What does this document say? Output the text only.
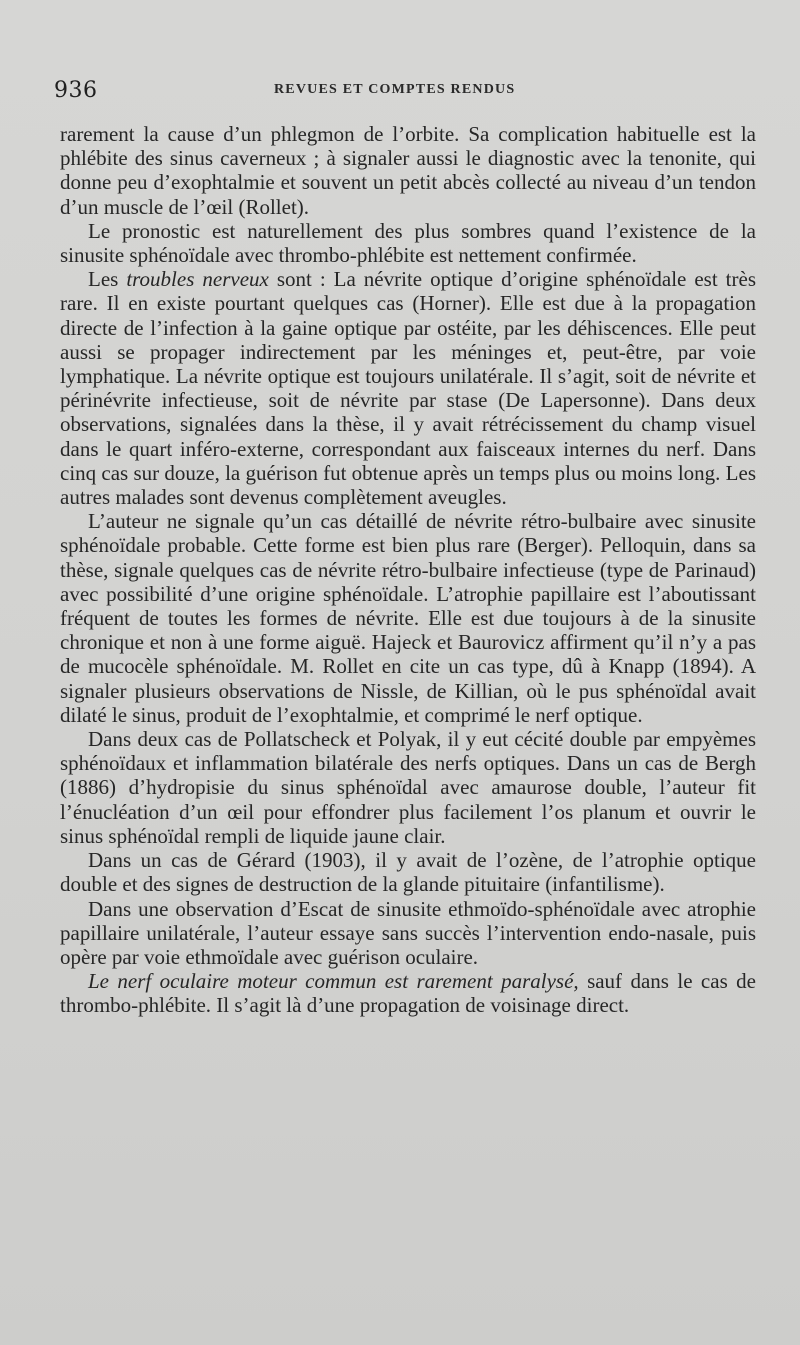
936	REVUES ET COMPTES RENDUS

rarement la cause d’un phlegmon de l’orbite. Sa complication habituelle est la phlébite des sinus caverneux ; à signaler aussi le diagnostic avec la tenonite, qui donne peu d’exophtalmie et souvent un petit abcès collecté au niveau d’un tendon d’un muscle de l’œil (Rollet).

Le pronostic est naturellement des plus sombres quand l’existence de la sinusite sphénoïdale avec thrombo-phlébite est nettement confirmée.

Les troubles nerveux sont : La névrite optique d’origine sphénoïdale est très rare. Il en existe pourtant quelques cas (Horner). Elle est due à la propagation directe de l’infection à la gaine optique par ostéite, par les déhiscences. Elle peut aussi se propager indirectement par les méninges et, peut-être, par voie lymphatique. La névrite optique est toujours unilatérale. Il s’agit, soit de névrite et périnévrite infectieuse, soit de névrite par stase (De Lapersonne). Dans deux observations, signalées dans la thèse, il y avait rétrécissement du champ visuel dans le quart inféro-externe, correspondant aux faisceaux internes du nerf. Dans cinq cas sur douze, la guérison fut obtenue après un temps plus ou moins long. Les autres malades sont devenus complètement aveugles.

L’auteur ne signale qu’un cas détaillé de névrite rétro-bulbaire avec sinusite sphénoïdale probable. Cette forme est bien plus rare (Berger). Pelloquin, dans sa thèse, signale quelques cas de névrite rétro-bulbaire infectieuse (type de Parinaud) avec possibilité d’une origine sphénoïdale. L’atrophie papillaire est l’aboutissant fréquent de toutes les formes de névrite. Elle est due toujours à de la sinusite chronique et non à une forme aiguë. Hajeck et Baurovicz affirment qu’il n’y a pas de mucocèle sphénoïdale. M. Rollet en cite un cas type, dû à Knapp (1894). A signaler plusieurs observations de Nissle, de Killian, où le pus sphénoïdal avait dilaté le sinus, produit de l’exophtalmie, et comprimé le nerf optique.

Dans deux cas de Pollatscheck et Polyak, il y eut cécité double par empyèmes sphénoïdaux et inflammation bilatérale des nerfs optiques. Dans un cas de Bergh (1886) d’hydropisie du sinus sphénoïdal avec amaurose double, l’auteur fit l’énucléation d’un œil pour effondrer plus facilement l’os planum et ouvrir le sinus sphénoïdal rempli de liquide jaune clair.

Dans un cas de Gérard (1903), il y avait de l’ozène, de l’atrophie optique double et des signes de destruction de la glande pituitaire (infantilisme).

Dans une observation d’Escat de sinusite ethmoïdo-sphénoïdale avec atrophie papillaire unilatérale, l’auteur essaye sans succès l’intervention endo-nasale, puis opère par voie ethmoïdale avec guérison oculaire.

Le nerf oculaire moteur commun est rarement paralysé, sauf dans le cas de thrombo-phlébite. Il s’agit là d’une propagation de voisinage direct.
